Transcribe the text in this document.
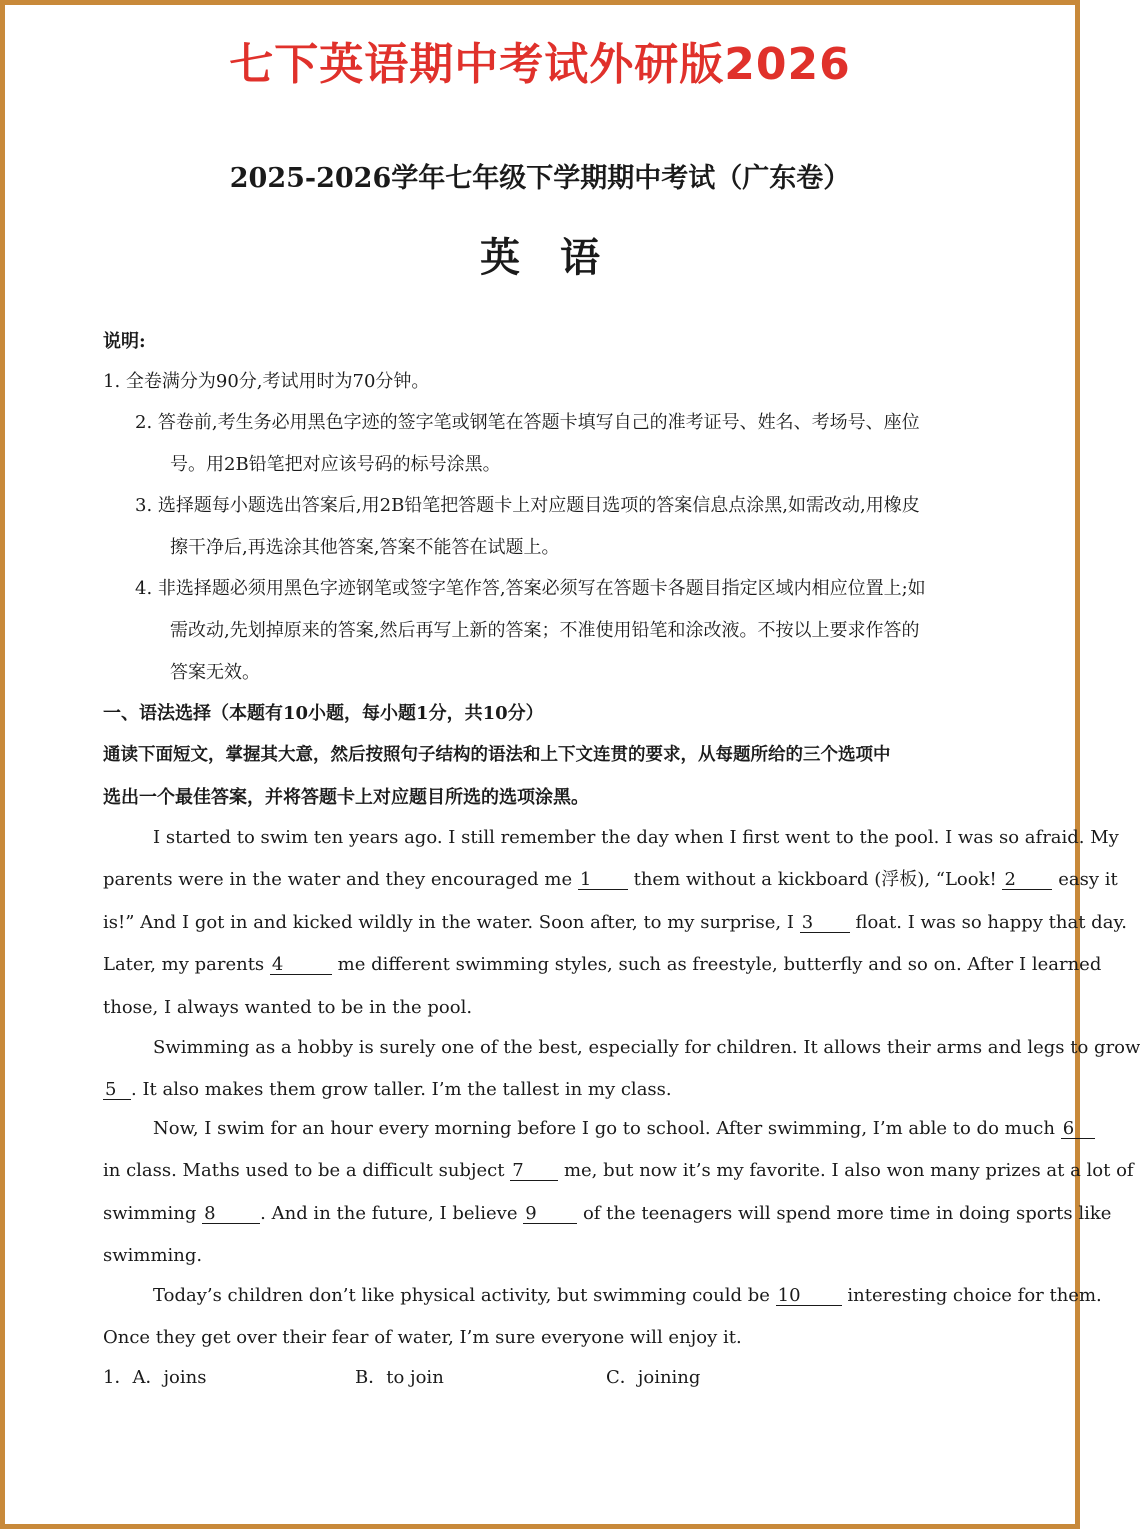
七下英语期中考试外研版2026
2025-2026学年七年级下学期期中考试（广东卷）
英语
说明:
1. 全卷满分为90分,考试用时为70分钟。
2. 答卷前,考生务必用黑色字迹的签字笔或钢笔在答题卡填写自己的准考证号、姓名、考场号、座位
号。用2B铅笔把对应该号码的标号涂黑。
3. 选择题每小题选出答案后,用2B铅笔把答题卡上对应题目选项的答案信息点涂黑,如需改动,用橡皮
擦干净后,再选涂其他答案,答案不能答在试题上。
4. 非选择题必须用黑色字迹钢笔或签字笔作答,答案必须写在答题卡各题目指定区域内相应位置上;如
需改动,先划掉原来的答案,然后再写上新的答案；不准使用铅笔和涂改液。不按以上要求作答的
答案无效。
一、语法选择（本题有10小题，每小题1分，共10分）
通读下面短文，掌握其大意，然后按照句子结构的语法和上下文连贯的要求，从每题所给的三个选项中
选出一个最佳答案，并将答题卡上对应题目所选的选项涂黑。
I started to swim ten years ago. I still remember the day when I first went to the pool. I was so afraid. My
parents were in the water and they encouraged me 1 them without a kickboard (浮板), “Look! 2 easy it
is!” And I got in and kicked wildly in the water. Soon after, to my surprise, I 3 float. I was so happy that day.
Later, my parents 4	me different swimming styles, such as freestyle, butterfly and so on. After I learned
those, I always wanted to be in the pool.
Swimming as a hobby is surely one of the best, especially for children. It allows their arms and legs to grow
5 . It also makes them grow taller. I’m the tallest in my class.
Now, I swim for an hour every morning before I go to school. After swimming, I’m able to do much 6
in class. Maths used to be a difficult subject 7 me, but now it’s my favorite. I also won many prizes at a lot of
swimming 8 . And in the future, I believe 9	of the teenagers will spend more time in doing sports like
swimming.
Today’s children don’t like physical activity, but swimming could be 10	interesting choice for them.
Once they get over their fear of water, I’m sure everyone will enjoy it.
1．A．joins	B．to join	C．joining
